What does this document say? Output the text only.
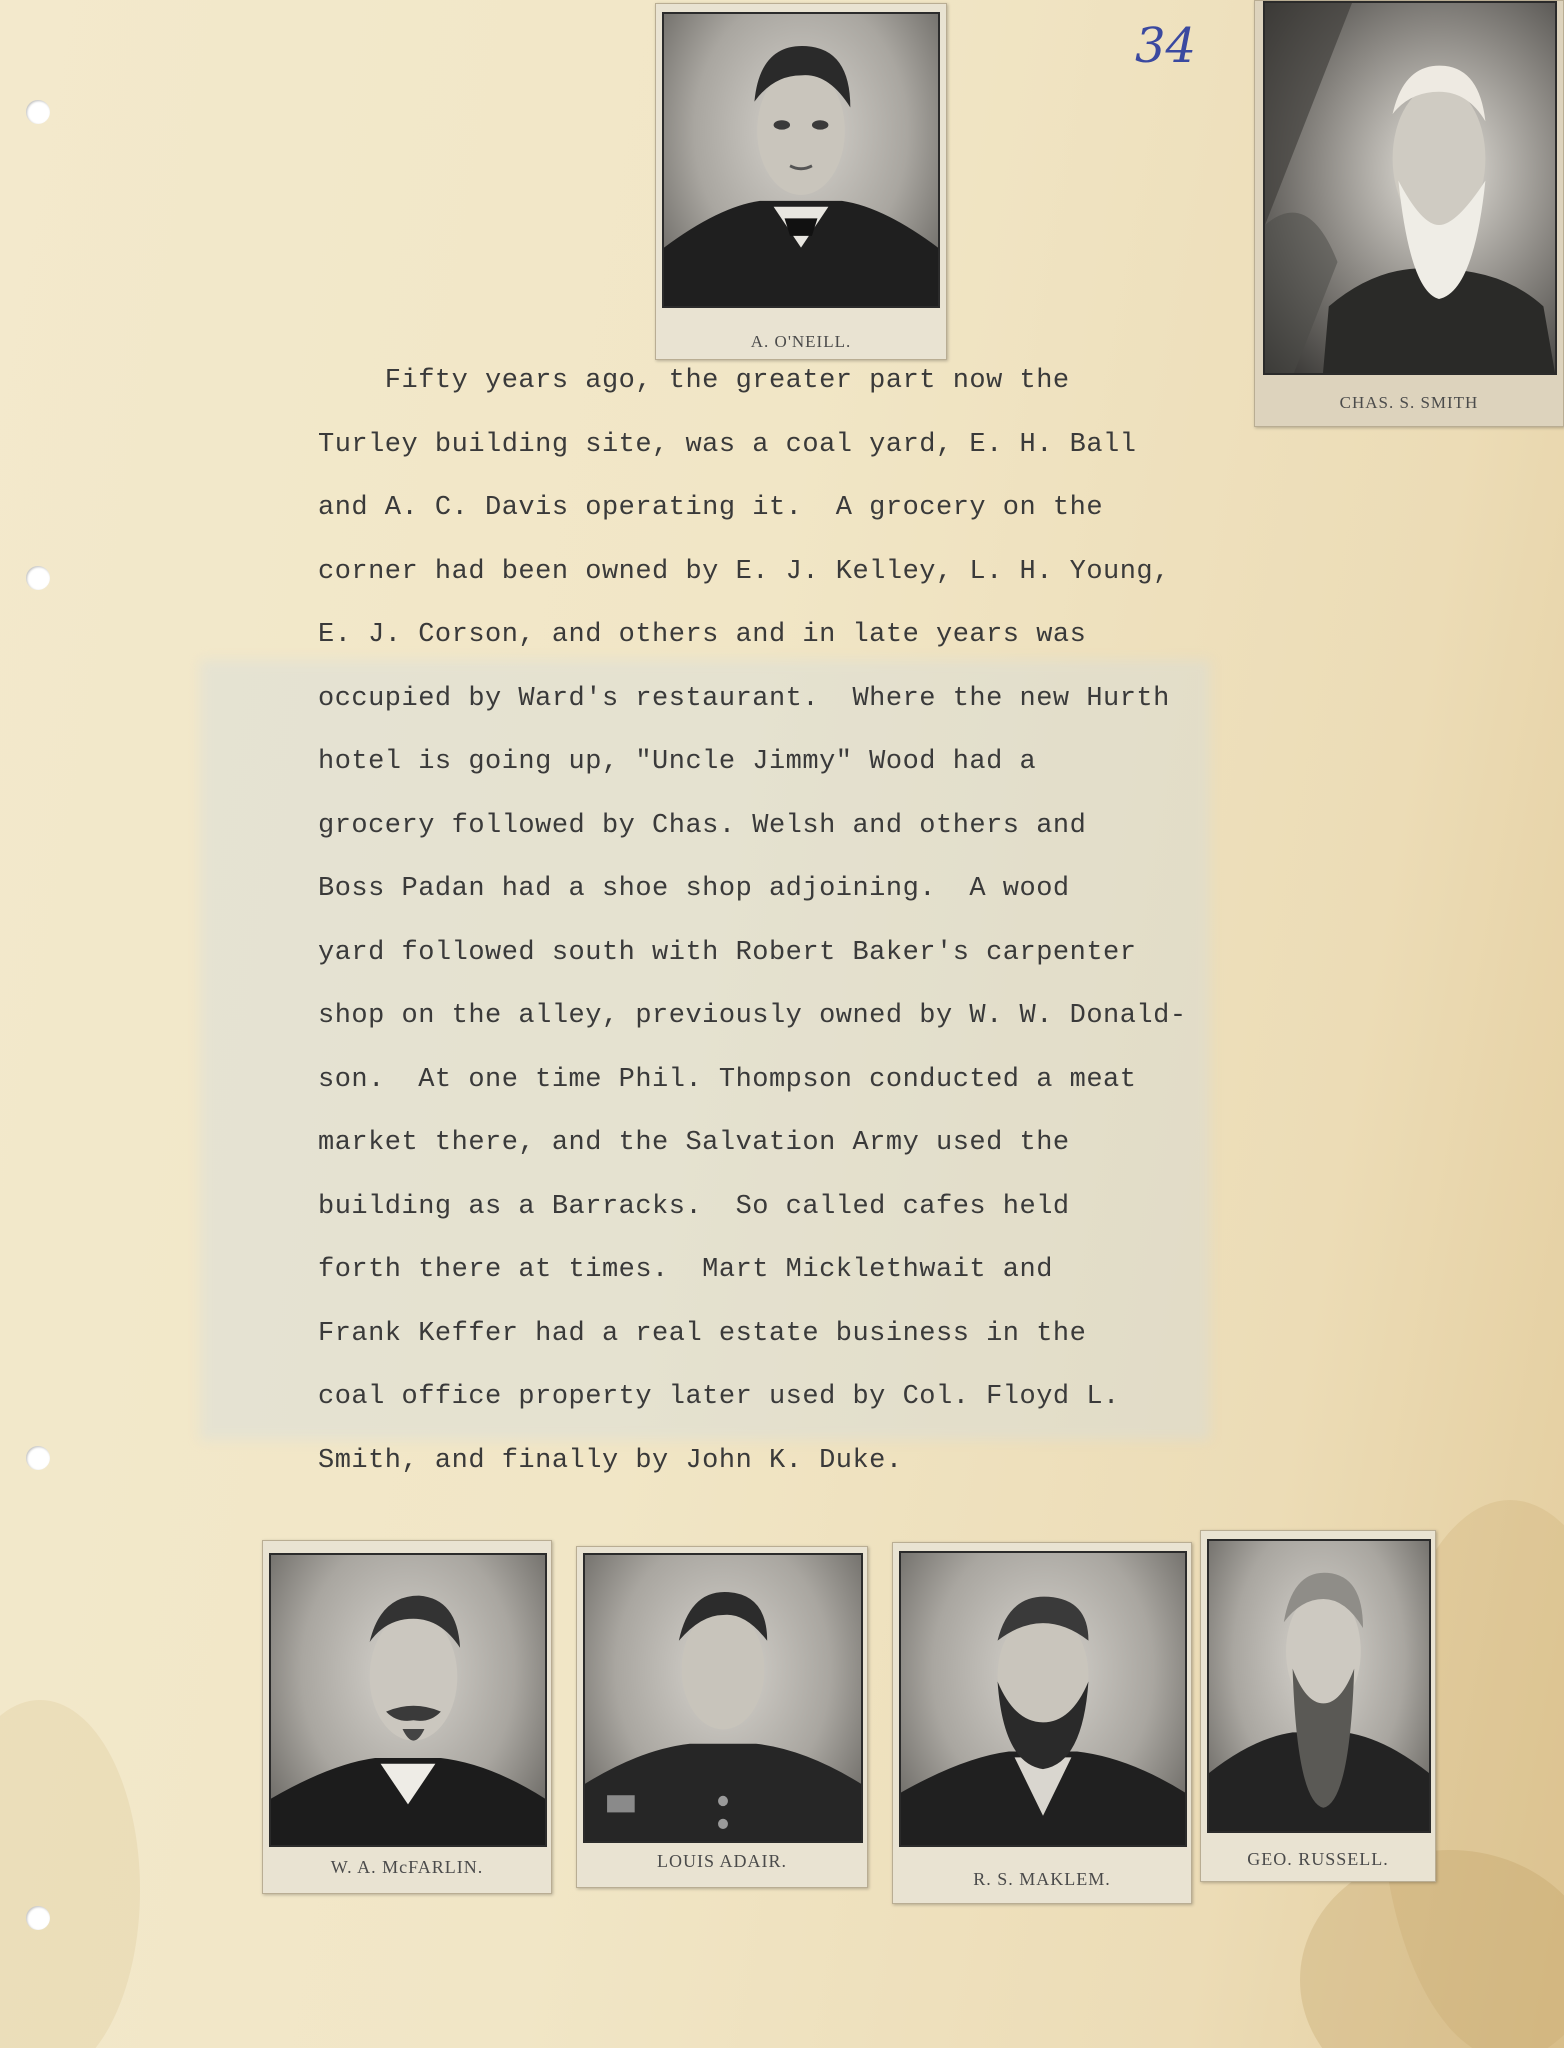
34
A. O'NEILL.
CHAS. S. SMITH
Fifty years ago, the greater part now the
Turley building site, was a coal yard, E. H. Ball
and A. C. Davis operating it.  A grocery on the
corner had been owned by E. J. Kelley, L. H. Young,
E. J. Corson, and others and in late years was
occupied by Ward's restaurant.  Where the new Hurth
hotel is going up, "Uncle Jimmy" Wood had a
grocery followed by Chas. Welsh and others and
Boss Padan had a shoe shop adjoining.  A wood
yard followed south with Robert Baker's carpenter
shop on the alley, previously owned by W. W. Donald-
son.  At one time Phil. Thompson conducted a meat
market there, and the Salvation Army used the
building as a Barracks.  So called cafes held
forth there at times.  Mart Micklethwait and
Frank Keffer had a real estate business in the
coal office property later used by Col. Floyd L.
Smith, and finally by John K. Duke.
W. A. McFARLIN.	LOUIS ADAIR.
R. S. MAKLEM.
GEO. RUSSELL.
